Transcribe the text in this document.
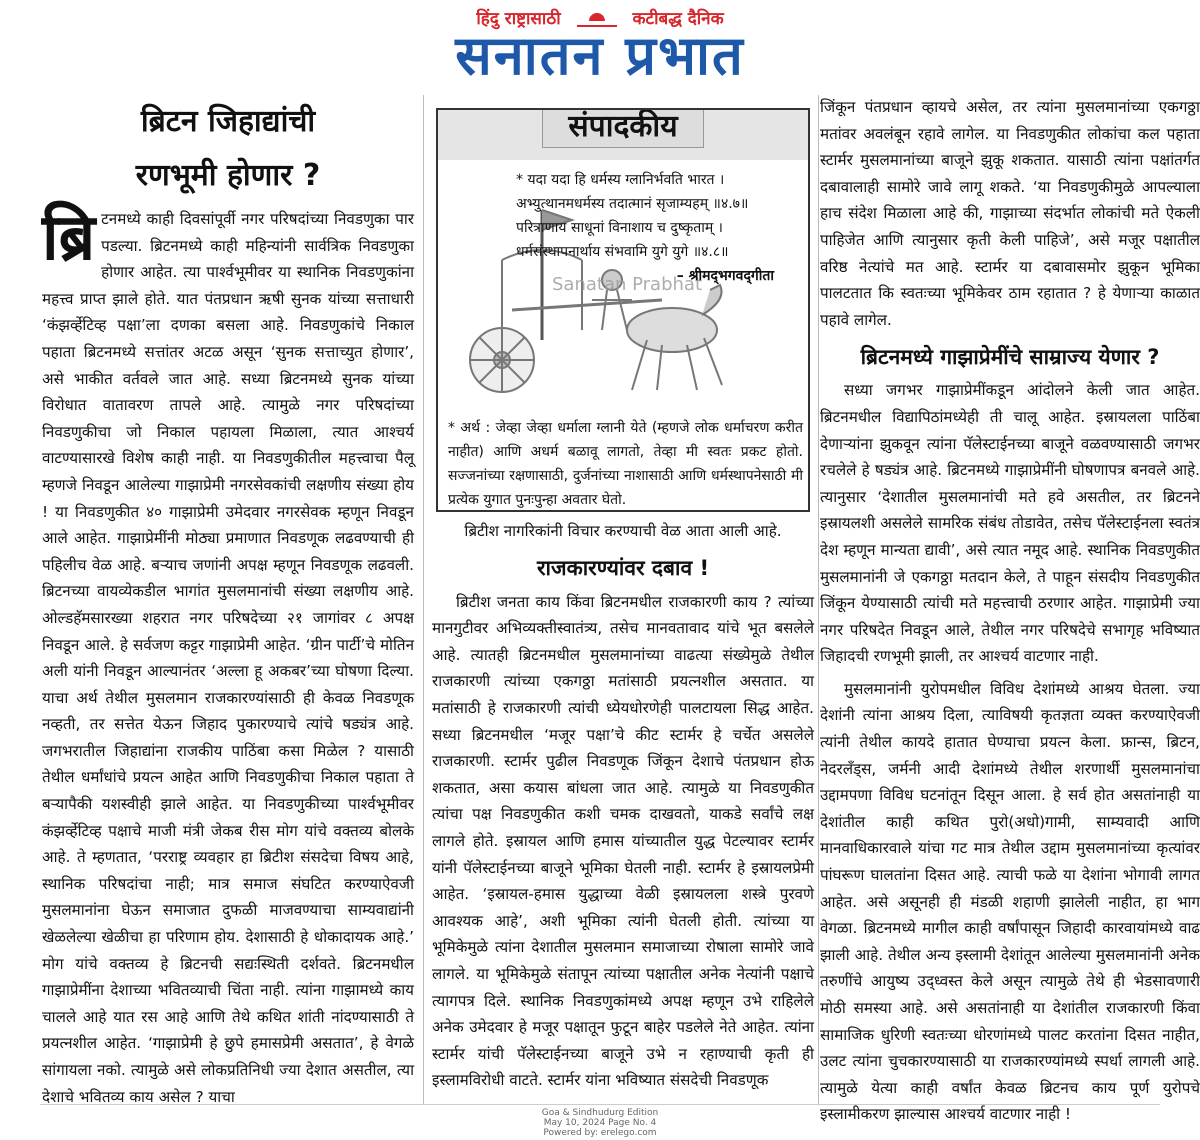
हिंदु राष्ट्रासाठी	कटीबद्ध दैनिक
सनातन प्रभात
ब्रिटन जिहाद्यांची
रणभूमी होणार ?
ब्रि टनमध्ये काही दिवसांपूर्वी नगर परिषदांच्या निवडणुका पार पडल्या. ब्रिटनमध्ये काही महिन्यांनी सार्वत्रिक निवडणुका होणार आहेत. त्या पार्श्वभूमीवर या स्थानिक निवडणुकांना महत्त्व प्राप्त झाले होते. यात पंतप्रधान ऋषी सुनक यांच्या सत्ताधारी ‘कंझर्व्हेटिव्ह पक्षा’ला दणका बसला आहे. निवडणुकांचे निकाल पहाता ब्रिटनमध्ये सत्तांतर अटळ असून ‘सुनक सत्ताच्युत होणार’, असे भाकीत वर्तवले जात आहे. सध्या ब्रिटनमध्ये सुनक यांच्या विरोधात वातावरण तापले आहे. त्यामुळे नगर परिषदांच्या निवडणुकीचा जो निकाल पहायला मिळाला, त्यात आश्चर्य वाटण्यासारखे विशेष काही नाही. या निवडणुकीतील महत्त्वाचा पैलू म्हणजे निवडून आलेल्या गाझाप्रेमी नगरसेवकांची लक्षणीय संख्या होय ! या निवडणुकीत ४० गाझाप्रेमी उमेदवार नगरसेवक म्हणून निवडून आले आहेत. गाझाप्रेमींनी मोठ्या प्रमाणात निवडणूक लढवण्याची ही पहिलीच वेळ आहे. बऱ्याच जणांनी अपक्ष म्हणून निवडणूक लढवली. ब्रिटनच्या वायव्येकडील भागांत मुसलमानांची संख्या लक्षणीय आहे. ओल्डहॅमसारख्या शहरात नगर परिषदेच्या २१ जागांवर ८ अपक्ष निवडून आले. हे सर्वजण कट्टर गाझाप्रेमी आहेत. ‘ग्रीन पार्टी’चे मोतिन अली यांनी निवडून आल्यानंतर ‘अल्ला हू अकबर’च्या घोषणा दिल्या. याचा अर्थ तेथील मुसलमान राजकारण्यांसाठी ही केवळ निवडणूक नव्हती, तर सत्तेत येऊन जिहाद पुकारण्याचे त्यांचे षड्यंत्र आहे. जगभरातील जिहाद्यांना राजकीय पाठिंबा कसा मिळेल ? यासाठी तेथील धर्मांधांचे प्रयत्न आहेत आणि निवडणुकीचा निकाल पहाता ते बऱ्यापैकी यशस्वीही झाले आहेत. या निवडणुकीच्या पार्श्वभूमीवर कंझर्व्हेटिव्ह पक्षाचे माजी मंत्री जेकब रीस मोग यांचे वक्तव्य बोलके आहे. ते म्हणतात, ‘परराष्ट्र व्यवहार हा ब्रिटीश संसदेचा विषय आहे, स्थानिक परिषदांचा नाही; मात्र समाज संघटित करण्याऐवजी मुसलमानांना घेऊन समाजात दुफळी माजवण्याचा साम्यवाद्यांनी खेळलेल्या खेळीचा हा परिणाम होय. देशासाठी हे धोकादायक आहे.’ मोग यांचे वक्तव्य हे ब्रिटनची सद्यःस्थिती दर्शवते. ब्रिटनमधील गाझाप्रेमींना देशाच्या भवितव्याची चिंता नाही. त्यांना गाझामध्ये काय चालले आहे यात रस आहे आणि तेथे कथित शांती नांदण्यासाठी ते प्रयत्नशील आहेत. ‘गाझाप्रेमी हे छुपे हमासप्रेमी असतात’, हे वेगळे सांगायला नको. त्यामुळे असे लोकप्रतिनिधी ज्या देशात असतील, त्या देशाचे भवितव्य काय असेल ? याचा
संपादकीय
Sanatan Prabhat
* यदा यदा हि धर्मस्य ग्लानिर्भवति भारत ।
अभ्युत्थानमधर्मस्य तदात्मानं सृजाम्यहम् ॥४.७॥
परित्राणाय साधूनां विनाशाय च दुष्कृताम् ।
धर्मसंस्थापनार्थाय संभवामि युगे युगे ॥४.८॥
– श्रीमद्‌भगवद्‌गीता
* अर्थ : जेव्हा जेव्हा धर्माला ग्लानी येते (म्हणजे लोक धर्माचरण करीत नाहीत) आणि अधर्म बळावू लागतो, तेव्हा मी स्वतः प्रकट होतो. सज्जनांच्या रक्षणासाठी, दुर्जनांच्या नाशासाठी आणि धर्मस्थापनेसाठी मी प्रत्येक युगात पुनःपुन्हा अवतार घेतो.
ब्रिटीश नागरिकांनी विचार करण्याची वेळ आता आली आहे.
राजकारण्यांवर दबाव !

ब्रिटीश जनता काय किंवा ब्रिटनमधील राजकारणी काय ? त्यांच्या मानगुटीवर अभिव्यक्तीस्वातंत्र्य, तसेच मानवतावाद यांचे भूत बसलेले आहे. त्यातही ब्रिटनमधील मुसलमानांच्या वाढत्या संख्येमुळे तेथील राजकारणी त्यांच्या एकगठ्ठा मतांसाठी प्रयत्नशील असतात. या मतांसाठी हे राजकारणी त्यांची ध्येयधोरणेही पालटायला सिद्ध आहेत. सध्या ब्रिटनमधील ‘मजूर पक्षा’चे कीट स्टार्मर हे चर्चेत असलेले राजकारणी. स्टार्मर पुढील निवडणूक जिंकून देशाचे पंतप्रधान होऊ शकतात, असा कयास बांधला जात आहे. त्यामुळे या निवडणुकीत त्यांचा पक्ष निवडणुकीत कशी चमक दाखवतो, याकडे सर्वांचे लक्ष लागले होते. इस्रायल आणि हमास यांच्यातील युद्ध पेटल्यावर स्टार्मर यांनी पॅलेस्टाईनच्या बाजूने भूमिका घेतली नाही. स्टार्मर हे इस्रायलप्रेमी आहेत. ‘इस्रायल-हमास युद्धाच्या वेळी इस्रायलला शस्त्रे पुरवणे आवश्यक आहे’, अशी भूमिका त्यांनी घेतली होती. त्यांच्या या भूमिकेमुळे त्यांना देशातील मुसलमान समाजाच्या रोषाला सामोरे जावे लागले. या भूमिकेमुळे संतापून त्यांच्या पक्षातील अनेक नेत्यांनी पक्षाचे त्यागपत्र दिले. स्थानिक निवडणुकांमध्ये अपक्ष म्हणून उभे राहिलेले अनेक उमेदवार हे मजूर पक्षातून फुटून बाहेर पडलेले नेते आहेत. त्यांना स्टार्मर यांची पॅलेस्टाईनच्या बाजूने उभे न रहाण्याची कृती ही इस्लामविरोधी वाटते. स्टार्मर यांना भविष्यात संसदेची निवडणूक

जिंकून पंतप्रधान व्हायचे असेल, तर त्यांना मुसलमानांच्या एकगठ्ठा मतांवर अवलंबून रहावे लागेल. या निवडणुकीत लोकांचा कल पहाता स्टार्मर मुसलमानांच्या बाजूने झुकू शकतात. यासाठी त्यांना पक्षांतर्गत दबावालाही सामोरे जावे लागू शकते. ‘या निवडणुकीमुळे आपल्याला हाच संदेश मिळाला आहे की, गाझाच्या संदर्भात लोकांची मते ऐकली पाहिजेत आणि त्यानुसार कृती केली पाहिजे’, असे मजूर पक्षातील वरिष्ठ नेत्यांचे मत आहे. स्टार्मर या दबावासमोर झुकून भूमिका पालटतात कि स्वतःच्या भूमिकेवर ठाम रहातात ? हे येणाऱ्या काळात पहावे लागेल.

ब्रिटनमध्ये गाझाप्रेमींचे साम्राज्य येणार ?

सध्या जगभर गाझाप्रेमींकडून आंदोलने केली जात आहेत. ब्रिटनमधील विद्यापिठांमध्येही ती चालू आहेत. इस्रायलला पाठिंबा देणाऱ्यांना झुकवून त्यांना पॅलेस्टाईनच्या बाजूने वळवण्यासाठी जगभर रचलेले हे षड्यंत्र आहे. ब्रिटनमध्ये गाझाप्रेमींनी घोषणापत्र बनवले आहे. त्यानुसार ‘देशातील मुसलमानांची मते हवे असतील, तर ब्रिटनने इस्रायलशी असलेले सामरिक संबंध तोडावेत, तसेच पॅलेस्टाईनला स्वतंत्र देश म्हणून मान्यता द्यावी’, असे त्यात नमूद आहे. स्थानिक निवडणुकीत मुसलमानांनी जे एकगठ्ठा मतदान केले, ते पाहून संसदीय निवडणुकीत जिंकून येण्यासाठी त्यांची मते महत्त्वाची ठरणार आहेत. गाझाप्रेमी ज्या नगर परिषदेत निवडून आले, तेथील नगर परिषदेचे सभागृह भविष्यात जिहादची रणभूमी झाली, तर आश्चर्य वाटणार नाही.

मुसलमानांनी युरोपमधील विविध देशांमध्ये आश्रय घेतला. ज्या देशांनी त्यांना आश्रय दिला, त्याविषयी कृतज्ञता व्यक्त करण्याऐवजी त्यांनी तेथील कायदे हातात घेण्याचा प्रयत्न केला. फ्रान्स, ब्रिटन, नेदरलँड्स, जर्मनी आदी देशांमध्ये तेथील शरणार्थी मुसलमानांचा उद्दामपणा विविध घटनांतून दिसून आला. हे सर्व होत असतांनाही या देशांतील काही कथित पुरो(अधो)गामी, साम्यवादी आणि मानवाधिकारवाले यांचा गट मात्र तेथील उद्दाम मुसलमानांच्या कृत्यांवर पांघरूण घालतांना दिसत आहे. त्याची फळे या देशांना भोगावी लागत आहेत. असे असूनही ही मंडळी शहाणी झालेली नाहीत, हा भाग वेगळा. ब्रिटनमध्ये मागील काही वर्षांपासून जिहादी कारवायांमध्ये वाढ झाली आहे. तेथील अन्य इस्लामी देशांतून आलेल्या मुसलमानांनी अनेक तरुणींचे आयुष्य उद्ध्वस्त केले असून त्यामुळे तेथे ही भेडसावणारी मोठी समस्या आहे. असे असतांनाही या देशांतील राजकारणी किंवा सामाजिक धुरिणी स्वतःच्या धोरणांमध्ये पालट करतांना दिसत नाहीत, उलट त्यांना चुचकारण्यासाठी या राजकारण्यांमध्ये स्पर्धा लागली आहे. त्यामुळे येत्या काही वर्षांत केवळ ब्रिटनच काय पूर्ण युरोपचे इस्लामीकरण झाल्यास आश्चर्य वाटणार नाही !

Goa & Sindhudurg Edition
May 10, 2024 Page No. 4
Powered by: erelego.com
